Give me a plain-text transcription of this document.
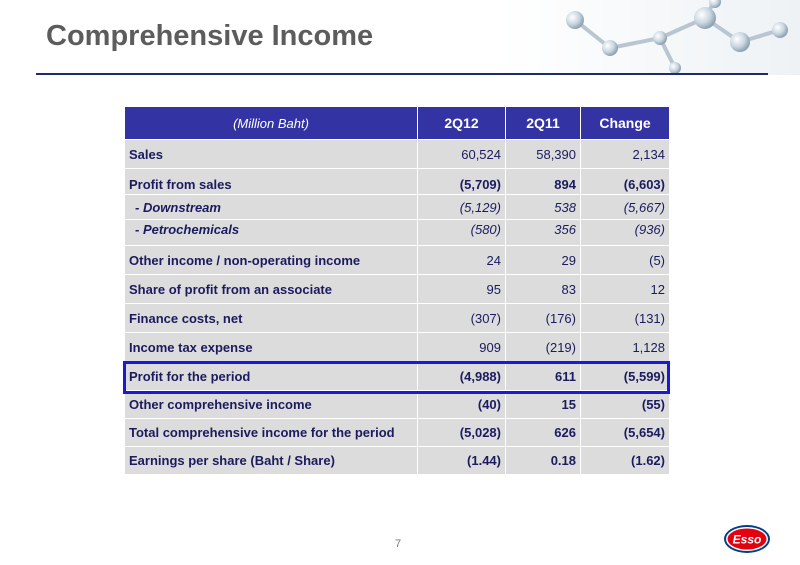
Comprehensive Income
(Million Baht)	2Q12	2Q11	Change
Sales	60,524	58,390	2,134
Profit from sales	(5,709)	894	(6,603)
- Downstream	(5,129)	538	(5,667)
- Petrochemicals	(580)	356	(936)
Other income / non-operating income	24	29	(5)
Share of profit from an associate	95	83	12
Finance costs, net	(307)	(176)	(131)
Income tax expense	909	(219)	1,128
Profit for the period	(4,988)	611	(5,599)
Other comprehensive income	(40)	15	(55)
Total comprehensive income for the period	(5,028)	626	(5,654)
Earnings per share (Baht / Share)	(1.44)	0.18	(1.62)
7	Esso
